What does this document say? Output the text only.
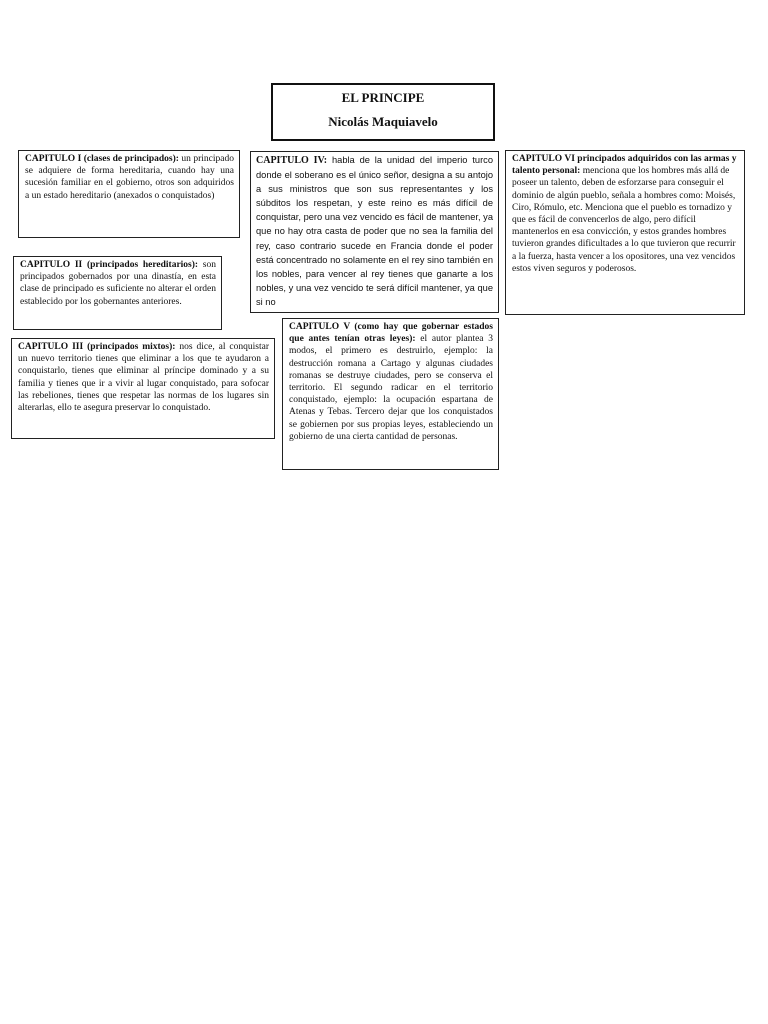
EL PRINCIPE
Nicolás Maquiavelo
CAPITULO I (clases de principados): un principado se adquiere de forma hereditaria, cuando hay una sucesión familiar en el gobierno, otros son adquiridos a un estado hereditario (anexados o conquistados)
CAPITULO II (principados hereditarios): son principados gobernados por una dinastía, en esta clase de principado es suficiente no alterar el orden establecido por los gobernantes anteriores.
CAPITULO III (principados mixtos): nos dice, al conquistar un nuevo territorio tienes que eliminar a los que te ayudaron a conquistarlo, tienes que eliminar al príncipe dominado y a su familia y tienes que ir a vivir al lugar conquistado, para sofocar las rebeliones, tienes que respetar las normas de los lugares sin alterarlas, ello te asegura preservar lo conquistado.
CAPITULO IV: habla de la unidad del imperio turco donde el soberano es el único señor, designa a su antojo a sus ministros que son sus representantes y los súbditos los respetan, y este reino es más difícil de conquistar, pero una vez vencido es fácil de mantener, ya que no hay otra casta de poder que no sea la familia del rey, caso contrario sucede en Francia donde el poder está concentrado no solamente en el rey sino también en los nobles, para vencer al rey tienes que ganarte a los nobles, y una vez vencido te será difícil mantener, ya que si no
CAPITULO V (como hay que gobernar estados que antes tenían otras leyes): el autor plantea 3 modos, el primero es destruirlo, ejemplo: la destrucción romana a Cartago y algunas ciudades romanas se destruye ciudades, pero se conserva el territorio. El segundo radicar en el territorio conquistado, ejemplo: la ocupación espartana de Atenas y Tebas. Tercero dejar que los conquistados se gobiernen por sus propias leyes, estableciendo un gobierno de una cierta cantidad de personas.
CAPITULO VI principados adquiridos con las armas y talento personal: menciona que los hombres más allá de poseer un talento, deben de esforzarse para conseguir el dominio de algún pueblo, señala a hombres como: Moisés, Ciro, Rómulo, etc. Menciona que el pueblo es tornadizo y que es fácil de convencerlos de algo, pero difícil mantenerlos en esa convicción, y estos grandes hombres tuvieron grandes dificultades a lo que tuvieron que recurrir a la fuerza, hasta vencer a los opositores, una vez vencidos estos viven seguros y poderosos.
